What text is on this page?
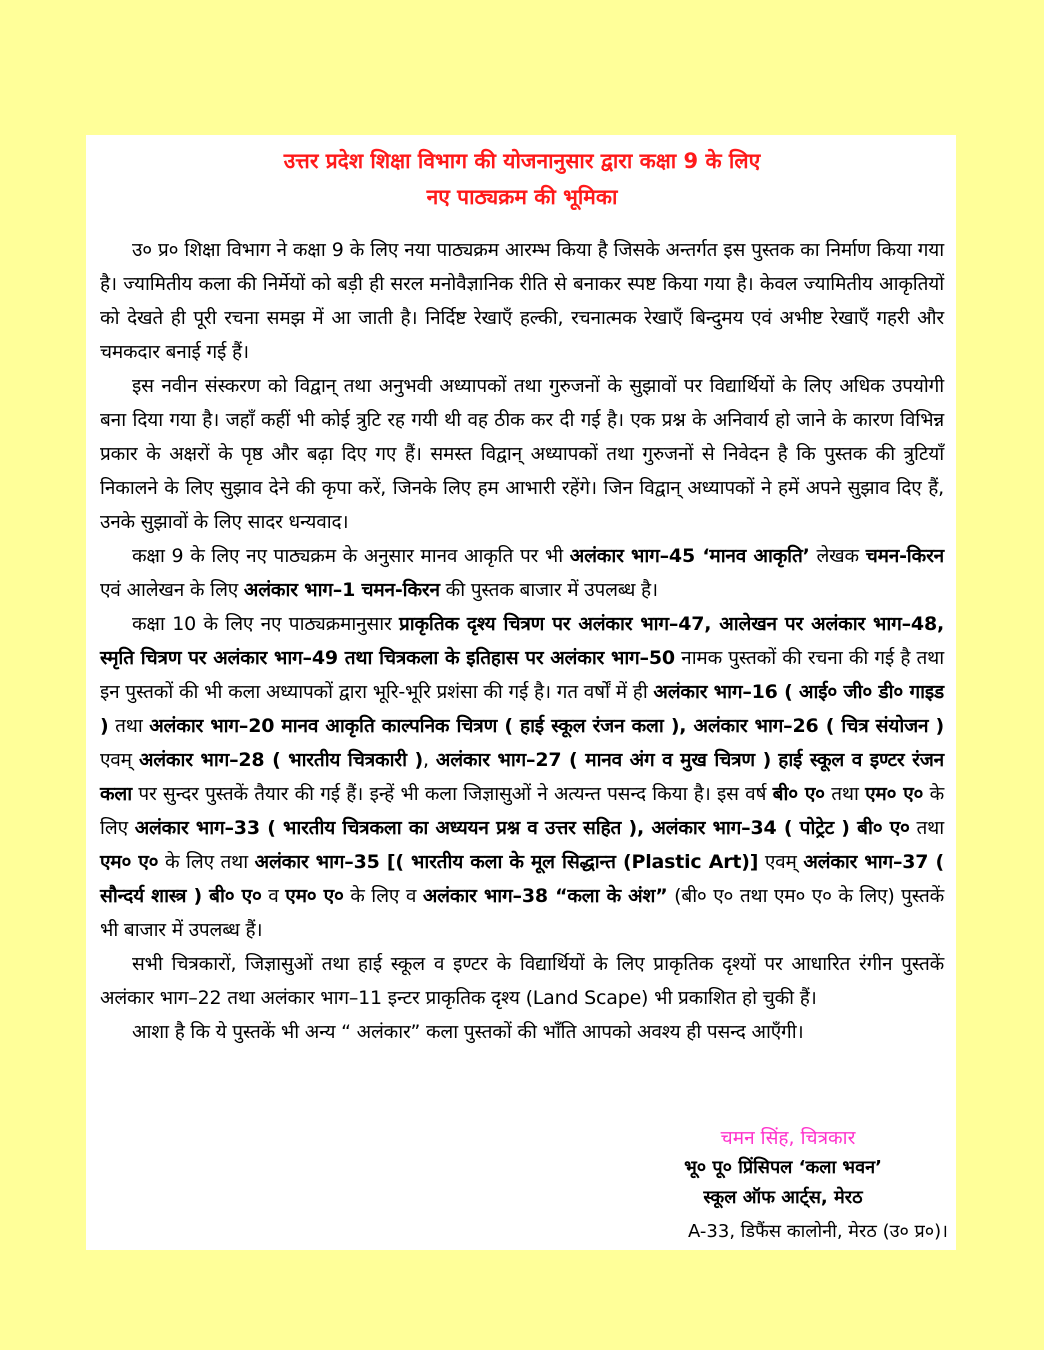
उत्तर प्रदेश शिक्षा विभाग की योजनानुसार द्वारा कक्षा 9 के लिए
नए पाठ्यक्रम की भूमिका

उ० प्र० शिक्षा विभाग ने कक्षा 9 के लिए नया पाठ्यक्रम आरम्भ किया है जिसके अन्तर्गत इस पुस्तक का निर्माण किया गया है। ज्यामितीय कला की निर्मेयों को बड़ी ही सरल मनोवैज्ञानिक रीति से बनाकर स्पष्ट किया गया है। केवल ज्यामितीय आकृतियों को देखते ही पूरी रचना समझ में आ जाती है। निर्दिष्ट रेखाएँ हल्की, रचनात्मक रेखाएँ बिन्दुमय एवं अभीष्ट रेखाएँ गहरी और चमकदार बनाई गई हैं।

इस नवीन संस्करण को विद्वान् तथा अनुभवी अध्यापकों तथा गुरुजनों के सुझावों पर विद्यार्थियों के लिए अधिक उपयोगी बना दिया गया है। जहाँ कहीं भी कोई त्रुटि रह गयी थी वह ठीक कर दी गई है। एक प्रश्न के अनिवार्य हो जाने के कारण विभिन्न प्रकार के अक्षरों के पृष्ठ और बढ़ा दिए गए हैं। समस्त विद्वान् अध्यापकों तथा गुरुजनों से निवेदन है कि पुस्तक की त्रुटियाँ निकालने के लिए सुझाव देने की कृपा करें, जिनके लिए हम आभारी रहेंगे। जिन विद्वान् अध्यापकों ने हमें अपने सुझाव दिए हैं, उनके सुझावों के लिए सादर धन्यवाद।

कक्षा 9 के लिए नए पाठ्यक्रम के अनुसार मानव आकृति पर भी अलंकार भाग–45 ‘मानव आकृति’ लेखक चमन-किरन एवं आलेखन के लिए अलंकार भाग–1 चमन-किरन की पुस्तक बाजार में उपलब्ध है।

कक्षा 10 के लिए नए पाठ्यक्रमानुसार प्राकृतिक दृश्य चित्रण पर अलंकार भाग–47, आलेखन पर अलंकार भाग–48, स्मृति चित्रण पर अलंकार भाग–49 तथा चित्रकला के इतिहास पर अलंकार भाग–50 नामक पुस्तकों की रचना की गई है तथा इन पुस्तकों की भी कला अध्यापकों द्वारा भूरि-भूरि प्रशंसा की गई है। गत वर्षों में ही अलंकार भाग–16 ( आई० जी० डी० गाइड ) तथा अलंकार भाग–20 मानव आकृति काल्पनिक चित्रण ( हाई स्कूल रंजन कला ), अलंकार भाग–26 ( चित्र संयोजन ) एवम् अलंकार भाग–28 ( भारतीय चित्रकारी ), अलंकार भाग–27 ( मानव अंग व मुख चित्रण ) हाई स्कूल व इण्टर रंजन कला पर सुन्दर पुस्तकें तैयार की गई हैं। इन्हें भी कला जिज्ञासुओं ने अत्यन्त पसन्द किया है। इस वर्ष बी० ए० तथा एम० ए० के लिए अलंकार भाग–33 ( भारतीय चित्रकला का अध्ययन प्रश्न व उत्तर सहित ), अलंकार भाग–34 ( पोट्रेट ) बी० ए० तथा एम० ए० के लिए तथा अलंकार भाग–35 [( भारतीय कला के मूल सिद्धान्त (Plastic Art)] एवम् अलंकार भाग–37 ( सौन्दर्य शास्त्र ) बी० ए० व एम० ए० के लिए व अलंकार भाग–38 “कला के अंश” (बी० ए० तथा एम० ए० के लिए) पुस्तकें भी बाजार में उपलब्ध हैं।

सभी चित्रकारों, जिज्ञासुओं तथा हाई स्कूल व इण्टर के विद्यार्थियों के लिए प्राकृतिक दृश्यों पर आधारित रंगीन पुस्तकें अलंकार भाग–22 तथा अलंकार भाग–11 इन्टर प्राकृतिक दृश्य (Land Scape) भी प्रकाशित हो चुकी हैं।

आशा है कि ये पुस्तकें भी अन्य “ अलंकार” कला पुस्तकों की भाँति आपको अवश्य ही पसन्द आएँगी।

चमन सिंह, चित्रकार
भू० पू० प्रिंसिपल ‘कला भवन’
स्कूल ऑफ आर्ट्स, मेरठ
A-33, डिफैंस कालोनी, मेरठ (उ० प्र०)।
